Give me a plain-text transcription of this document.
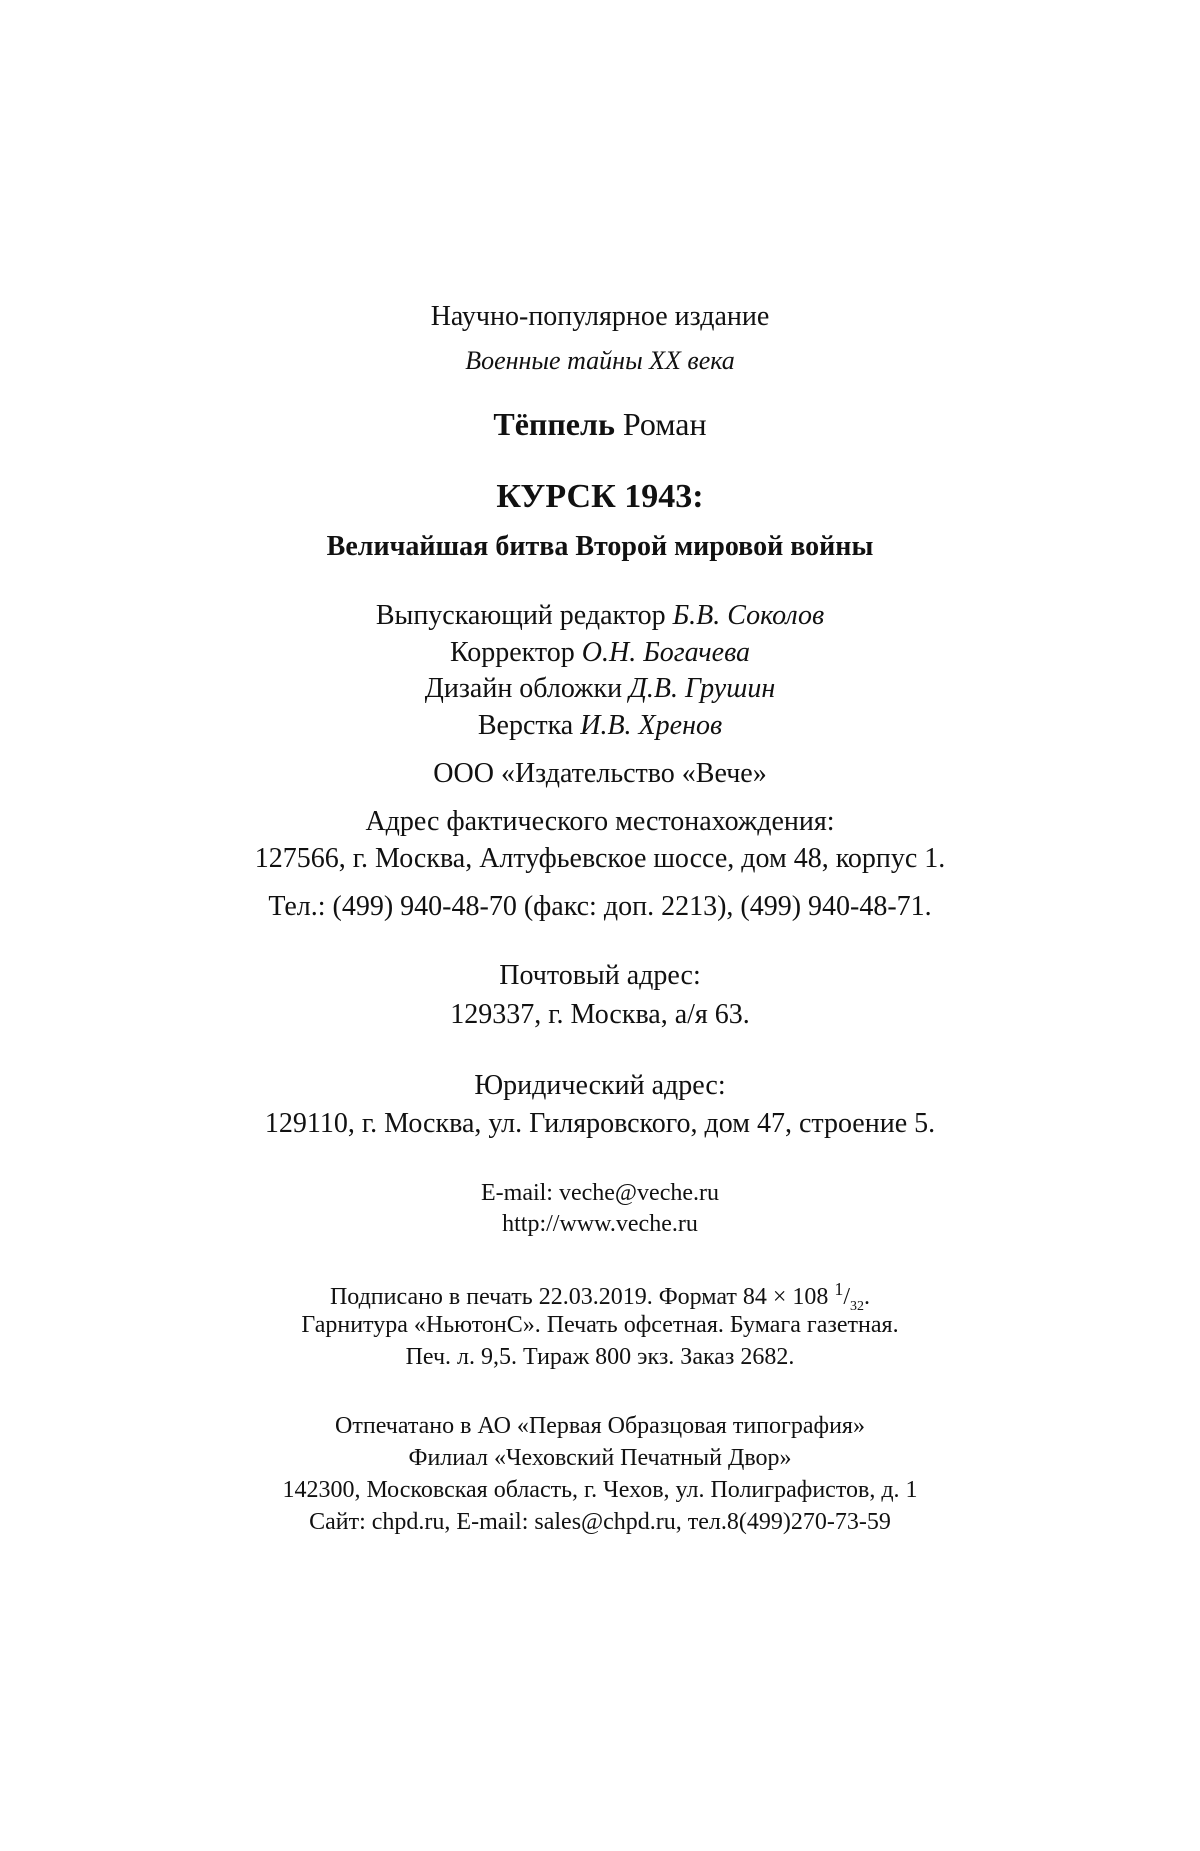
Научно-популярное издание
Военные тайны XX века
Тёппель Роман
КУРСК 1943:
Величайшая битва Второй мировой войны
Выпускающий редактор Б.В. Соколов
Корректор О.Н. Богачева
Дизайн обложки Д.В. Грушин
Верстка И.В. Хренов
ООО «Издательство «Вече»
Адрес фактического местонахождения:
127566, г. Москва, Алтуфьевское шоссе, дом 48, корпус 1.
Тел.: (499) 940-48-70 (факс: доп. 2213), (499) 940-48-71.
Почтовый адрес:
129337, г. Москва, а/я 63.
Юридический адрес:
129110, г. Москва, ул. Гиляровского, дом 47, строение 5.
E-mail: veche@veche.ru
http://www.veche.ru
Подписано в печать 22.03.2019. Формат 84 × 108 $^1/_{32}$.
Гарнитура «НьютонС». Печать офсетная. Бумага газетная.
Печ. л. 9,5. Тираж 800 экз. Заказ 2682.
Отпечатано в АО «Первая Образцовая типография»
Филиал «Чеховский Печатный Двор»
142300, Московская область, г. Чехов, ул. Полиграфистов, д. 1
Сайт: chpd.ru, E-mail: sales@chpd.ru, тел.8(499)270-73-59
